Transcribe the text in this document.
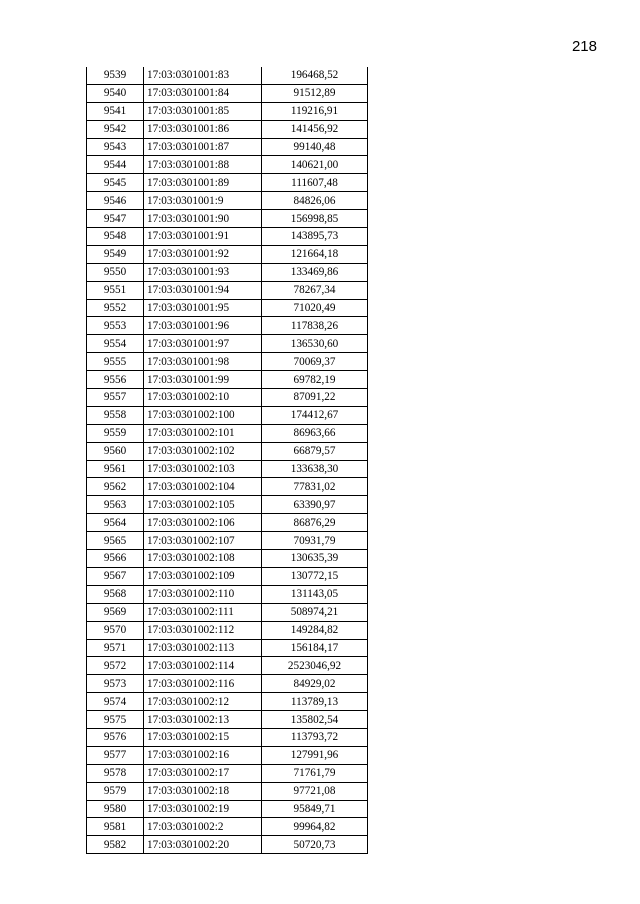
218
9539	17:03:0301001:83	196468,52
9540	17:03:0301001:84	91512,89
9541	17:03:0301001:85	119216,91
9542	17:03:0301001:86	141456,92
9543	17:03:0301001:87	99140,48
9544	17:03:0301001:88	140621,00
9545	17:03:0301001:89	111607,48
9546	17:03:0301001:9	84826,06
9547	17:03:0301001:90	156998,85
9548	17:03:0301001:91	143895,73
9549	17:03:0301001:92	121664,18
9550	17:03:0301001:93	133469,86
9551	17:03:0301001:94	78267,34
9552	17:03:0301001:95	71020,49
9553	17:03:0301001:96	117838,26
9554	17:03:0301001:97	136530,60
9555	17:03:0301001:98	70069,37
9556	17:03:0301001:99	69782,19
9557	17:03:0301002:10	87091,22
9558	17:03:0301002:100	174412,67
9559	17:03:0301002:101	86963,66
9560	17:03:0301002:102	66879,57
9561	17:03:0301002:103	133638,30
9562	17:03:0301002:104	77831,02
9563	17:03:0301002:105	63390,97
9564	17:03:0301002:106	86876,29
9565	17:03:0301002:107	70931,79
9566	17:03:0301002:108	130635,39
9567	17:03:0301002:109	130772,15
9568	17:03:0301002:110	131143,05
9569	17:03:0301002:111	508974,21
9570	17:03:0301002:112	149284,82
9571	17:03:0301002:113	156184,17
9572	17:03:0301002:114	2523046,92
9573	17:03:0301002:116	84929,02
9574	17:03:0301002:12	113789,13
9575	17:03:0301002:13	135802,54
9576	17:03:0301002:15	113793,72
9577	17:03:0301002:16	127991,96
9578	17:03:0301002:17	71761,79
9579	17:03:0301002:18	97721,08
9580	17:03:0301002:19	95849,71
9581	17:03:0301002:2	99964,82
9582	17:03:0301002:20	50720,73
